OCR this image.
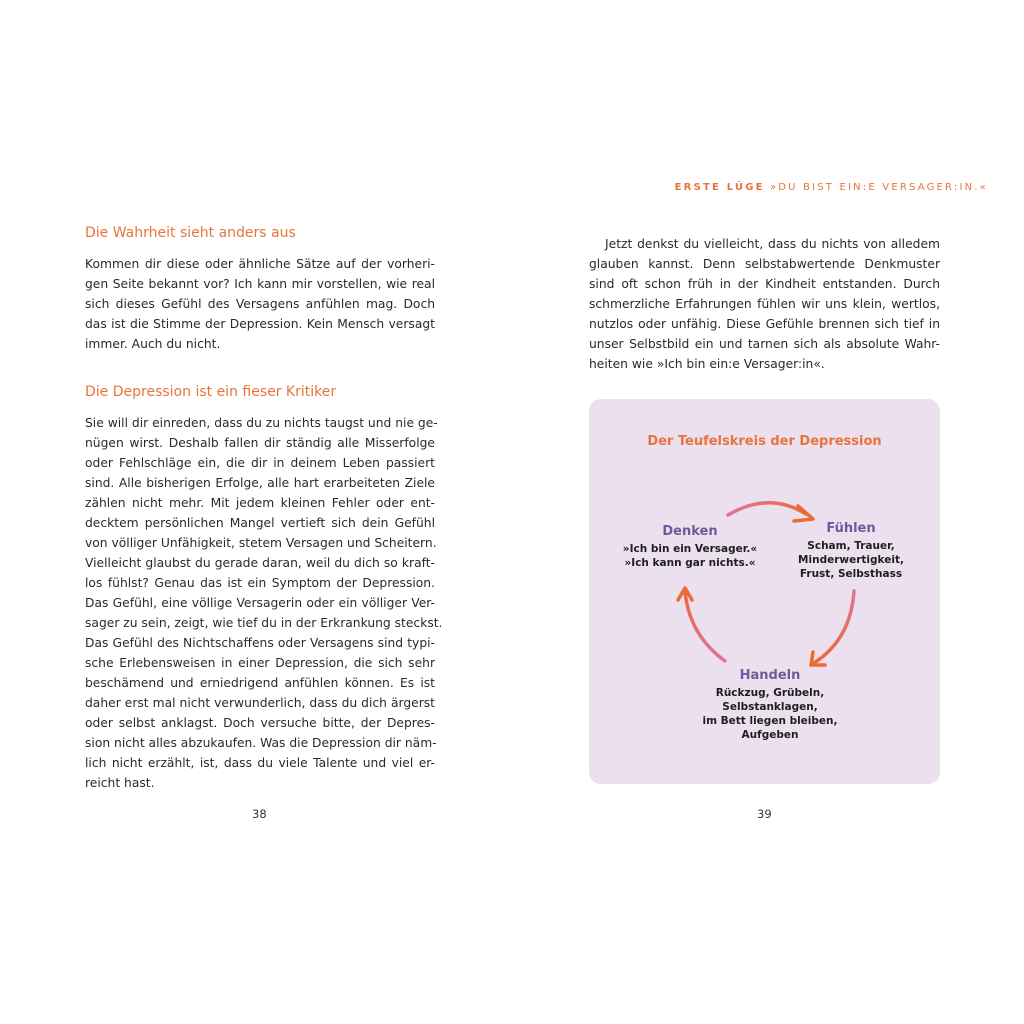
ERSTE LÜGE »DU BIST EIN:E VERSAGER:IN.«
Die Wahrheit sieht anders aus
Kommen dir diese oder ähnliche Sätze auf der vorheri-
gen Seite bekannt vor? Ich kann mir vorstellen, wie real
sich dieses Gefühl des Versagens anfühlen mag. Doch
das ist die Stimme der Depression. Kein Mensch versagt
immer. Auch du nicht.
Die Depression ist ein fieser Kritiker
Sie will dir einreden, dass du zu nichts taugst und nie ge-
nügen wirst. Deshalb fallen dir ständig alle Misserfolge
oder Fehlschläge ein, die dir in deinem Leben passiert
sind. Alle bisherigen Erfolge, alle hart erarbeiteten Ziele
zählen nicht mehr. Mit jedem kleinen Fehler oder ent-
decktem persönlichen Mangel vertieft sich dein Gefühl
von völliger Unfähigkeit, stetem Versagen und Scheitern.
Vielleicht glaubst du gerade daran, weil du dich so kraft-
los fühlst? Genau das ist ein Symptom der Depression.
Das Gefühl, eine völlige Versagerin oder ein völliger Ver-
sager zu sein, zeigt, wie tief du in der Erkrankung steckst.
Das Gefühl des Nichtschaffens oder Versagens sind typi-
sche Erlebensweisen in einer Depression, die sich sehr
beschämend und erniedrigend anfühlen können. Es ist
daher erst mal nicht verwunderlich, dass du dich ärgerst
oder selbst anklagst. Doch versuche bitte, der Depres-
sion nicht alles abzukaufen. Was die Depression dir näm-
lich nicht erzählt, ist, dass du viele Talente und viel er-
reicht hast.
38
Jetzt denkst du vielleicht, dass du nichts von alledem
glauben kannst. Denn selbstabwertende Denkmuster
sind oft schon früh in der Kindheit entstanden. Durch
schmerzliche Erfahrungen fühlen wir uns klein, wertlos,
nutzlos oder unfähig. Diese Gefühle brennen sich tief in
unser Selbstbild ein und tarnen sich als absolute Wahr-
heiten wie »Ich bin ein:e Versager:in«.
Der Teufelskreis der Depression
Denken
»Ich bin ein Versager.«
»Ich kann gar nichts.«
Fühlen
Scham, Trauer,
Minderwertigkeit,
Frust, Selbsthass
Handeln
Rückzug, Grübeln,
Selbstanklagen,
im Bett liegen bleiben,
Aufgeben
39
